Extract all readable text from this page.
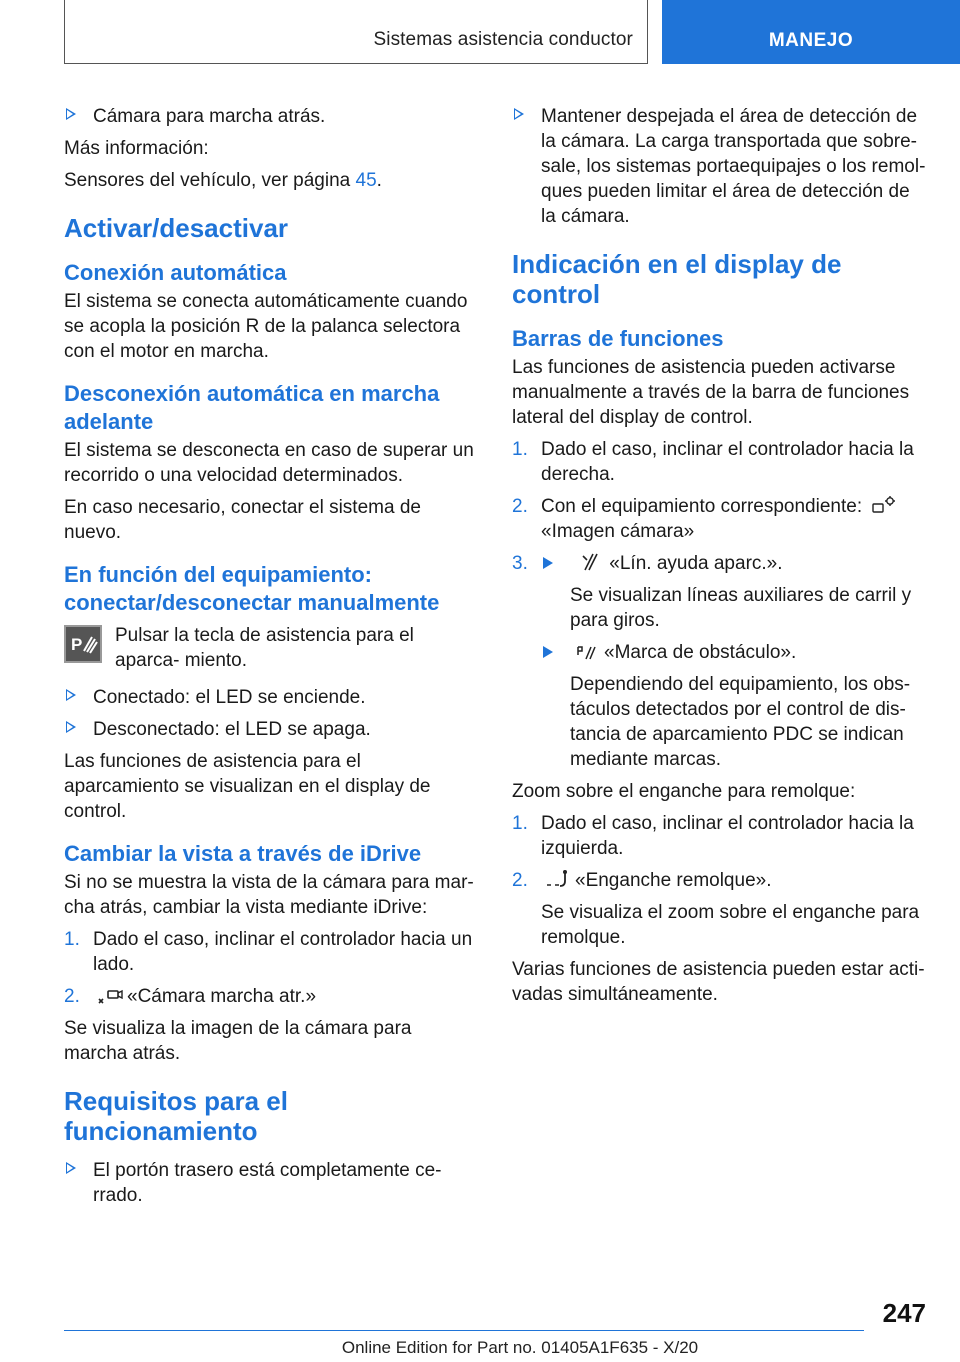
Sistemas asistencia conductor	MANEJO
Cámara para marcha atrás.

Más información:

Sensores del vehículo, ver página 45.

Activar/desactivar
Conexión automática

El sistema se conecta automáticamente cuando se acopla la posición R de la palanca selectora con el motor en marcha.

Desconexión automática en marcha adelante

El sistema se desconecta en caso de superar un recorrido o una velocidad determinados.

En caso necesario, conectar el sistema de nuevo.

En función del equipamiento: conectar/desconectar manualmente
P Pulsar la tecla de asistencia para el aparca- miento.
Conectado: el LED se enciende.
Desconectado: el LED se apaga.

Las funciones de asistencia para el aparcamiento se visualizan en el display de control.

Cambiar la vista a través de iDrive

Si no se muestra la vista de la cámara para mar- cha atrás, cambiar la vista mediante iDrive:

1. Dado el caso, inclinar el controlador hacia un lado.
2. «Cámara marcha atr.»

Se visualiza la imagen de la cámara para marcha atrás.

Requisitos para el funcionamiento
El portón trasero está completamente ce- rrado.
Mantener despejada el área de detección de la cámara. La carga transportada que sobre- sale, los sistemas portaequipajes o los remol- ques pueden limitar el área de detección de la cámara.
Indicación en el display de control
Barras de funciones

Las funciones de asistencia pueden activarse manualmente a través de la barra de funciones lateral del display de control.

1. Dado el caso, inclinar el controlador hacia la derecha.
2. Con el equipamiento correspondiente:
«Imagen cámara»
3.	«Lín. ayuda aparc.».

Se visualizan líneas auxiliares de carril y para giros.

«Marca de obstáculo».

Dependiendo del equipamiento, los obs- táculos detectados por el control de dis- tancia de aparcamiento PDC se indican mediante marcas.

Zoom sobre el enganche para remolque:

1. Dado el caso, inclinar el controlador hacia la izquierda.
2. «Enganche remolque».

Se visualiza el zoom sobre el enganche para remolque.

Varias funciones de asistencia pueden estar acti- vadas simultáneamente.

247
Online Edition for Part no. 01405A1F635 - X/20
